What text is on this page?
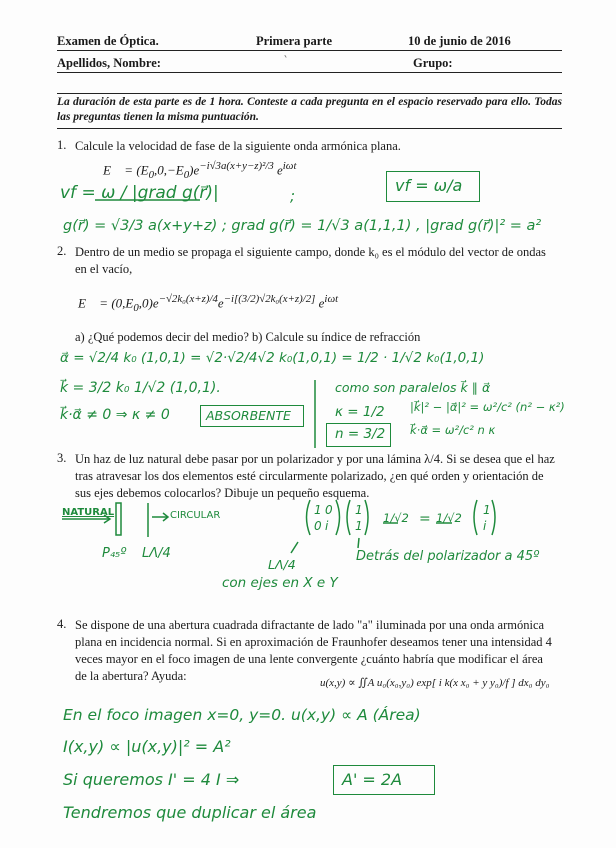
Examen de Óptica.	Primera parte	10 de junio de 2016
Apellidos, Nombre:	Grupo:
ˋ
La duración de esta parte es de 1 hora. Conteste a cada pregunta en el espacio reservado para ello. Todas las preguntas tienen la misma puntuación.
1. Calcule la velocidad de fase de la siguiente onda armónica plana.
E⃗ = $(E_0,0,-E_0)e^{-i√3a(x+y-z)^2/3}$ $e^{i\omega t}$
vf = ω / |grad g(r⃗)|	;
vf = ω/a
g(r⃗) = √3/3 a(x+y+z) ; grad g(r⃗) = 1/√3 a(1,1,1) , |grad g(r⃗)|² = a²
2. Dentro de un medio se propaga el siguiente campo, donde k₀ es el módulo del vector de ondas en el vacío,
E⃗ = $(0,E_0,0)e^{-√2k_0(x+z)/4}e^{-i[(3/2)√2k_0(x+z)/2]}$ $e^{i\omega t}$
a) ¿Qué podemos decir del medio? b) Calcule su índice de refracción
α⃗ = √2/4 k₀ (1,0,1) = √2·√2/4√2 k₀(1,0,1) = 1/2 · 1/√2 k₀(1,0,1)
k⃗ = 3/2 k₀ 1/√2 (1,0,1).
k⃗·α⃗ ≠ 0 ⇒ κ ≠ 0	ABSORBENTE
como son paralelos k⃗ ∥ α⃗
κ = 1/2
n = 3/2
|k⃗|² − |α⃗|² = ω²/c² (n² − κ²)
k⃗·α⃗ = ω²/c² n κ
3. Un haz de luz natural debe pasar por un polarizador y por una lámina λ/4. Si se desea que el haz tras atravesar los dos elementos esté circularmente polarizado, ¿en qué orden y orientación de sus ejes debemos colocarlos? Dibuje un pequeño esquema.
NATURAL	CIRCULAR
P₄₅º LΛ/4
LΛ/4
con ejes en X e Y
Detrás del polarizador a 45º
1 0
0 i
1
1
1/√2 = 1/√2
1
i
4. Se dispone de una abertura cuadrada difractante de lado "a" iluminada por una onda armónica plana en incidencia normal. Si en aproximación de Fraunhofer deseamos tener una intensidad 4 veces mayor en el foco imagen de una lente convergente ¿cuánto habría que modificar el área de la abertura? Ayuda:	u(x,y) ∝ ∬A u₀(x₀,y₀) exp[ i k(x x₀ + y y₀)/f ] dx₀ dy₀
En el foco imagen x=0, y=0. u(x,y) ∝ A (Área)
I(x,y) ∝ |u(x,y)|² = A²
Si queremos I' = 4 I ⇒	A' = 2A
Tendremos que duplicar el área
